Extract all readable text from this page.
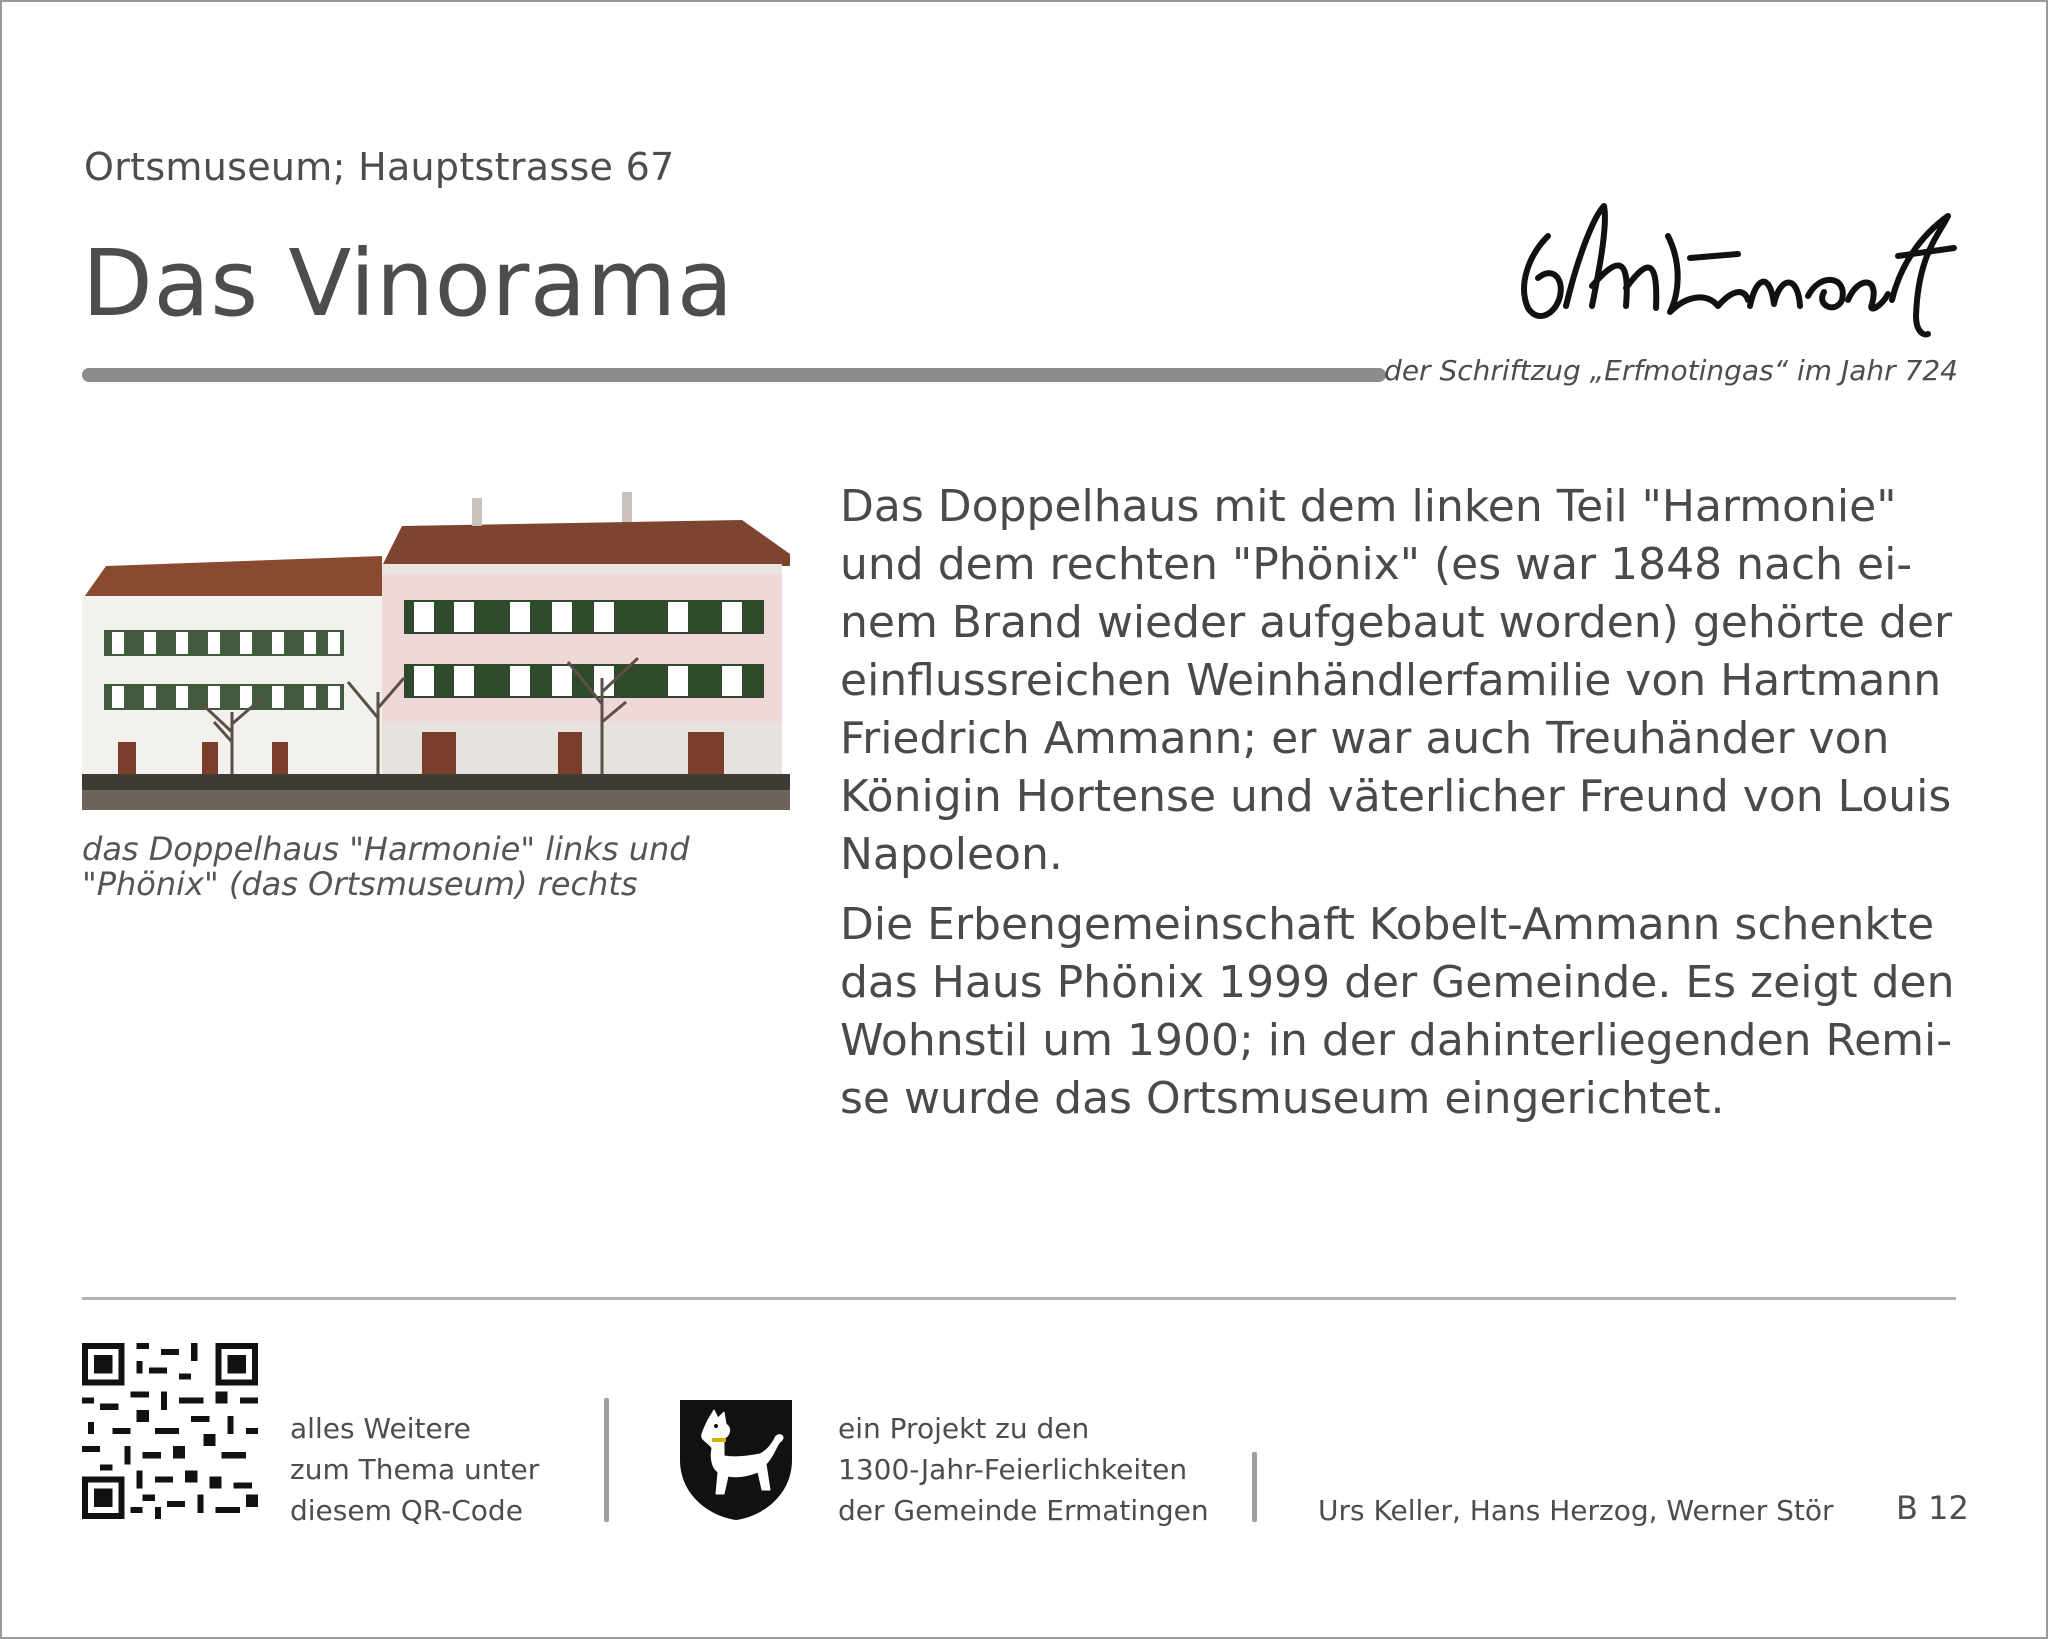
Ortsmuseum; Hauptstrasse 67
Das Vinorama
der Schriftzug „Erfmotingas“ im Jahr 724
das Doppelhaus "Harmonie" links und
"Phönix" (das Ortsmuseum) rechts

Das Doppelhaus mit dem linken Teil "Harmonie"
und dem rechten "Phönix" (es war 1848 nach ei-
nem Brand wieder aufgebaut worden) gehörte der
einflussreichen Weinhändlerfamilie von Hartmann
Friedrich Ammann; er war auch Treuhänder von
Königin Hortense und väterlicher Freund von Louis
Napoleon.

Die Erbengemeinschaft Kobelt-Ammann schenkte
das Haus Phönix 1999 der Gemeinde. Es zeigt den
Wohnstil um 1900; in der dahinterliegenden Remi-
se wurde das Ortsmuseum eingerichtet.

alles Weitere
zum Thema unter
diesem QR-Code
ein Projekt zu den
1300-Jahr-Feierlichkeiten
der Gemeinde Ermatingen	Urs Keller, Hans Herzog, Werner Stör B 12
